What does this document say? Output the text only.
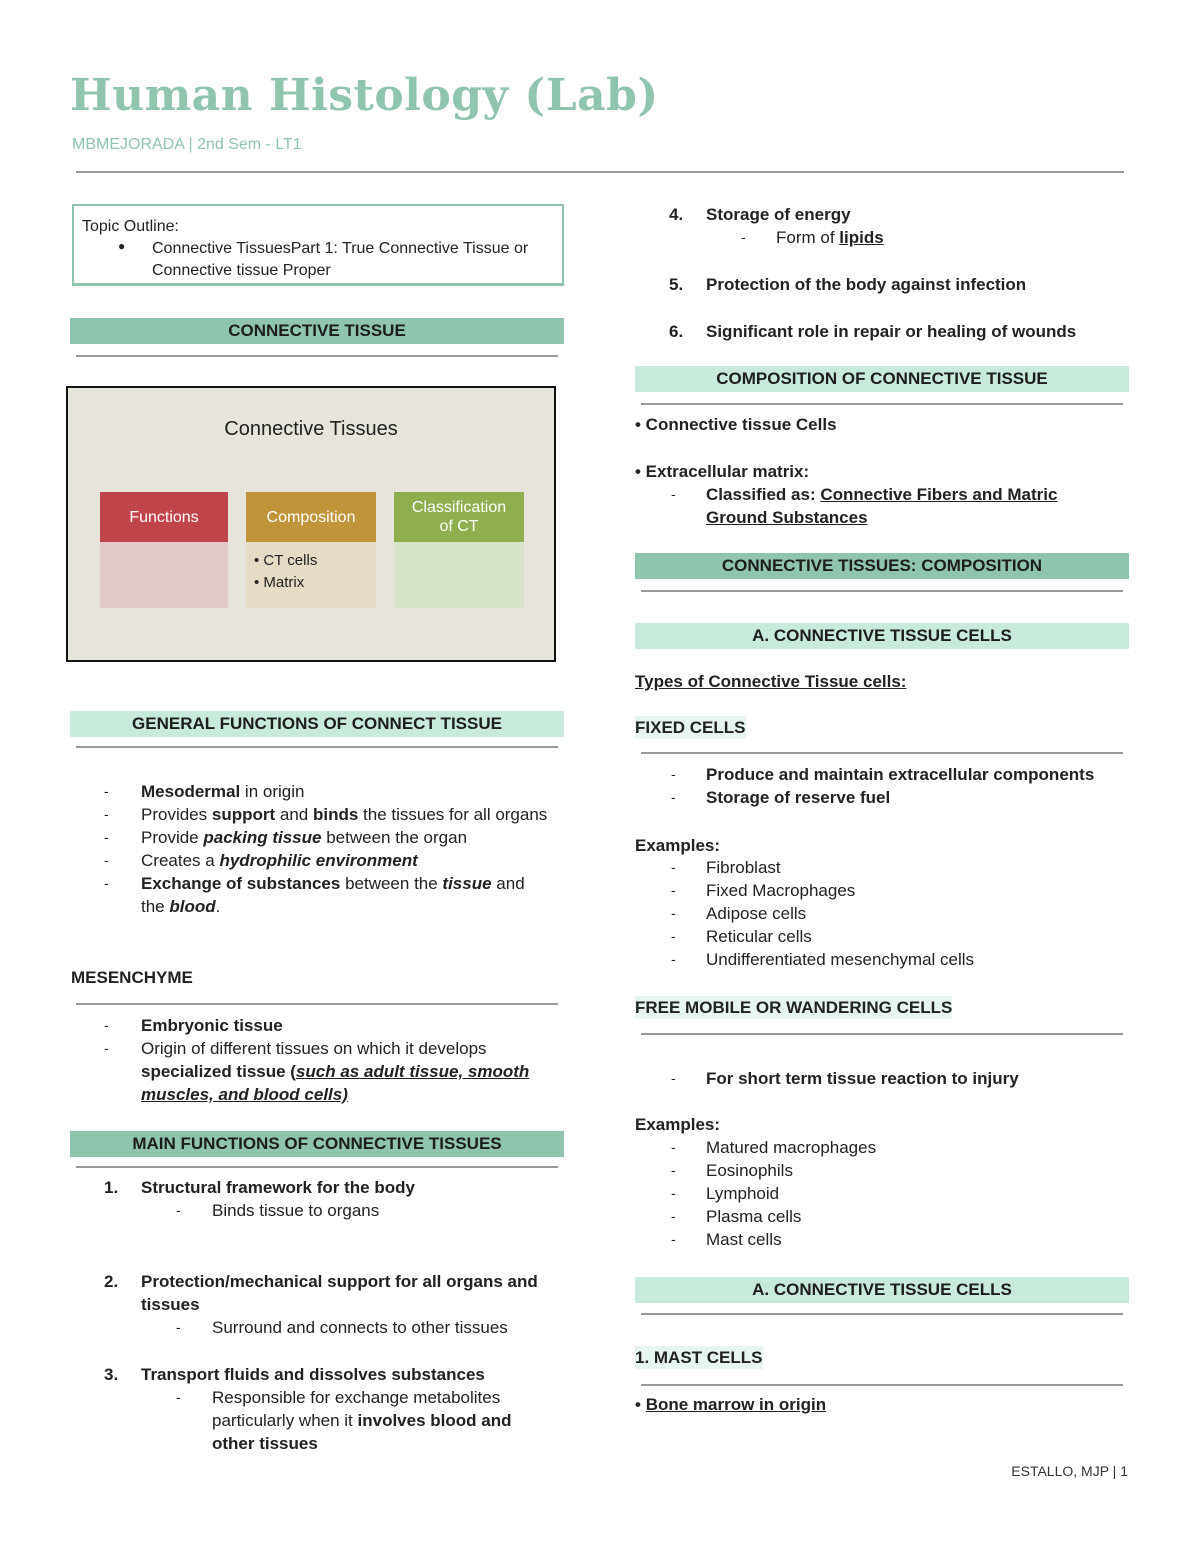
Human Histology (Lab)
MBMEJORADA | 2nd Sem - LT1
Topic Outline:
● Connective TissuesPart 1: True Connective Tissue or Connective tissue Proper
CONNECTIVE TISSUE
Connective Tissues
Functions	Composition
• CT cells
• Matrix
Classification of CT
GENERAL FUNCTIONS OF CONNECT TISSUE
- Mesodermal in origin
- Provides support and binds the tissues for all organs
- Provide packing tissue between the organ
- Creates a hydrophilic environment
- Exchange of substances between the tissue and
the blood.
MESENCHYME
- Embryonic tissue
- Origin of different tissues on which it develops
specialized tissue (such as adult tissue, smooth
muscles, and blood cells)
MAIN FUNCTIONS OF CONNECTIVE TISSUES
1. Structural framework for the body
- Binds tissue to organs
2. Protection/mechanical support for all organs and
tissues
- Surround and connects to other tissues
3. Transport fluids and dissolves substances
- Responsible for exchange metabolites
particularly when it involves blood and
other tissues
4. Storage of energy
- Form of lipids
5. Protection of the body against infection
6. Significant role in repair or healing of wounds
COMPOSITION OF CONNECTIVE TISSUE
• Connective tissue Cells
• Extracellular matrix:
- Classified as: Connective Fibers and Matric
Ground Substances
CONNECTIVE TISSUES: COMPOSITION
A. CONNECTIVE TISSUE CELLS
Types of Connective Tissue cells:
FIXED CELLS
- Produce and maintain extracellular components
- Storage of reserve fuel
Examples:
- Fibroblast
- Fixed Macrophages
- Adipose cells
- Reticular cells
- Undifferentiated mesenchymal cells
FREE MOBILE OR WANDERING CELLS
- For short term tissue reaction to injury
Examples:
- Matured macrophages
- Eosinophils
- Lymphoid
- Plasma cells
- Mast cells
A. CONNECTIVE TISSUE CELLS
1. MAST CELLS
• Bone marrow in origin
ESTALLO, MJP | 1
